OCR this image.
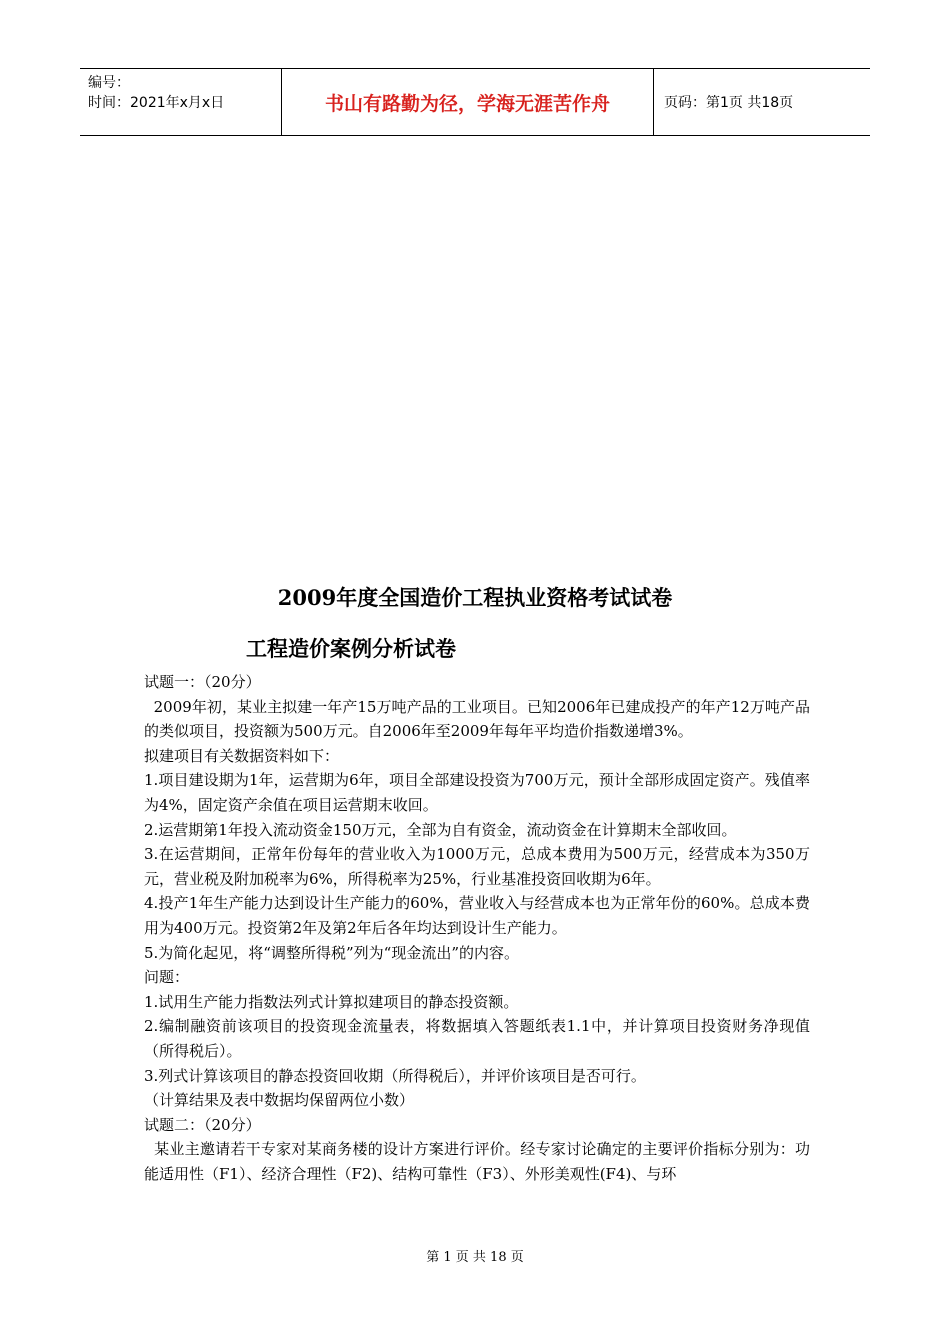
编号：
时间：2021年x月x日	书山有路勤为径，学海无涯苦作舟	页码：第1页 共18页
2009年度全国造价工程执业资格考试试卷
工程造价案例分析试卷

试题一：（20分）

2009年初，某业主拟建一年产15万吨产品的工业项目。已知2006年已建成投产的年产12万吨产品的类似项目，投资额为500万元。自2006年至2009年每年平均造价指数递增3%。

拟建项目有关数据资料如下：

1.项目建设期为1年，运营期为6年，项目全部建设投资为700万元，预计全部形成固定资产。残值率为4%，固定资产余值在项目运营期末收回。

2.运营期第1年投入流动资金150万元，全部为自有资金，流动资金在计算期末全部收回。

3.在运营期间，正常年份每年的营业收入为1000万元，总成本费用为500万元，经营成本为350万元，营业税及附加税率为6%，所得税率为25%，行业基准投资回收期为6年。

4.投产1年生产能力达到设计生产能力的60%，营业收入与经营成本也为正常年份的60%。总成本费用为400万元。投资第2年及第2年后各年均达到设计生产能力。

5.为简化起见，将“调整所得税”列为“现金流出”的内容。

问题：

1.试用生产能力指数法列式计算拟建项目的静态投资额。

2.编制融资前该项目的投资现金流量表，将数据填入答题纸表1.1中，并计算项目投资财务净现值（所得税后）。

3.列式计算该项目的静态投资回收期（所得税后），并评价该项目是否可行。

（计算结果及表中数据均保留两位小数）

试题二：（20分）

某业主邀请若干专家对某商务楼的设计方案进行评价。经专家讨论确定的主要评价指标分别为：功能适用性（F1）、经济合理性（F2)、结构可靠性（F3）、外形美观性(F4)、与环

第 1 页 共 18 页
